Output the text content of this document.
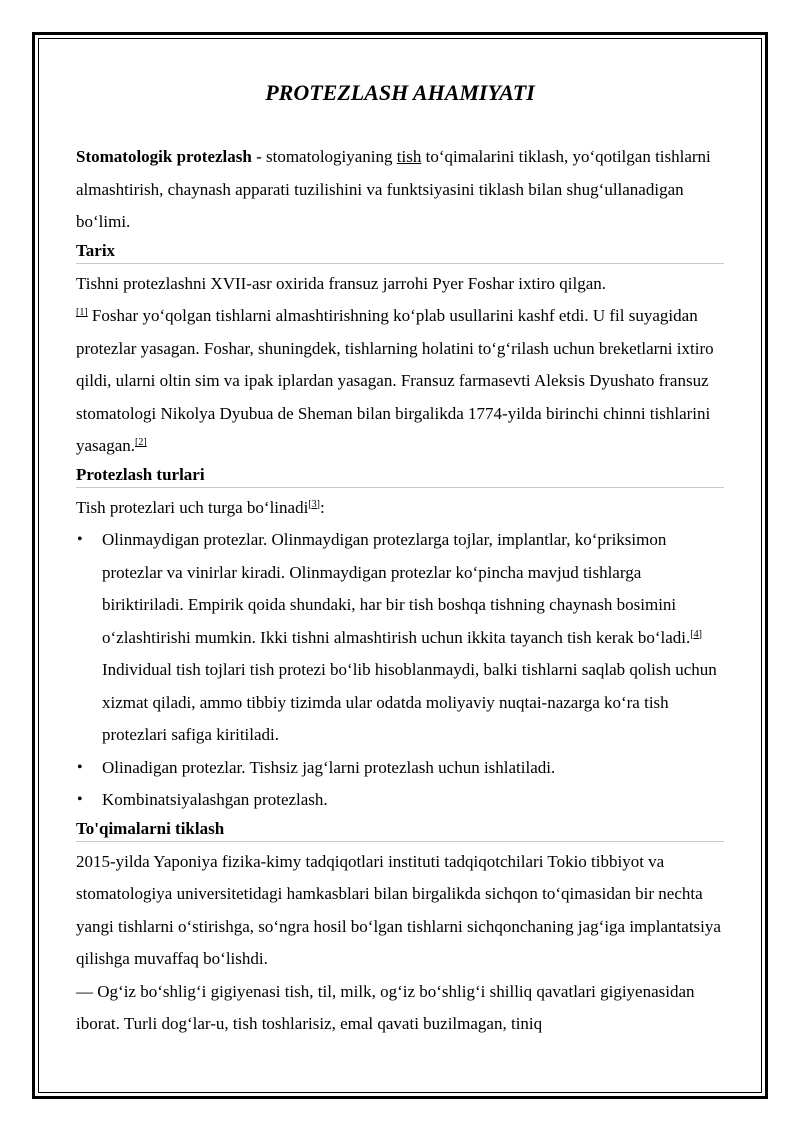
PROTEZLASH AHAMIYATI

Stomatologik protezlash - stomatologiyaning tish to‘qimalarini tiklash, yo‘qotilgan tishlarni almashtirish, chaynash apparati tuzilishini va funktsiyasini tiklash bilan shug‘ullanadigan bo‘limi.

Tarix

Tishni protezlashni XVII-asr oxirida fransuz jarrohi Pyer Foshar ixtiro qilgan.
[1] Foshar yo‘qolgan tishlarni almashtirishning ko‘plab usullarini kashf etdi. U fil suyagidan protezlar yasagan. Foshar, shuningdek, tishlarning holatini to‘g‘rilash uchun breketlarni ixtiro qildi, ularni oltin sim va ipak iplardan yasagan. Fransuz farmasevti Aleksis Dyushato fransuz stomatologi Nikolya Dyubua de Sheman bilan birgalikda 1774-yilda birinchi chinni tishlarini yasagan.[2]

Protezlash turlari

Tish protezlari uch turga bo‘linadi[3]:

• Olinmaydigan protezlar. Olinmaydigan protezlarga tojlar, implantlar, ko‘priksimon protezlar va vinirlar kiradi. Olinmaydigan protezlar ko‘pincha mavjud tishlarga biriktiriladi. Empirik qoida shundaki, har bir tish boshqa tishning chaynash bosimini o‘zlashtirishi mumkin. Ikki tishni almashtirish uchun ikkita tayanch tish kerak bo‘ladi.[4] Individual tish tojlari tish protezi bo‘lib hisoblanmaydi, balki tishlarni saqlab qolish uchun xizmat qiladi, ammo tibbiy tizimda ular odatda moliyaviy nuqtai-nazarga ko‘ra tish protezlari safiga kiritiladi.
• Olinadigan protezlar. Tishsiz jag‘larni protezlash uchun ishlatiladi.
• Kombinatsiyalashgan protezlash.
To'qimalarni tiklash

2015-yilda Yaponiya fizika-kimy tadqiqotlari instituti tadqiqotchilari Tokio tibbiyot va stomatologiya universitetidagi hamkasblari bilan birgalikda sichqon to‘qimasidan bir nechta yangi tishlarni o‘stirishga, so‘ngra hosil bo‘lgan tishlarni sichqonchaning jag‘iga implantatsiya qilishga muvaffaq bo‘lishdi.

— Og‘iz bo‘shlig‘i gigiyenasi tish, til, milk, og‘iz bo‘shlig‘i shilliq qavatlari gigiyenasidan iborat. Turli dog‘lar-u, tish toshlarisiz, emal qavati buzilmagan, tiniq
